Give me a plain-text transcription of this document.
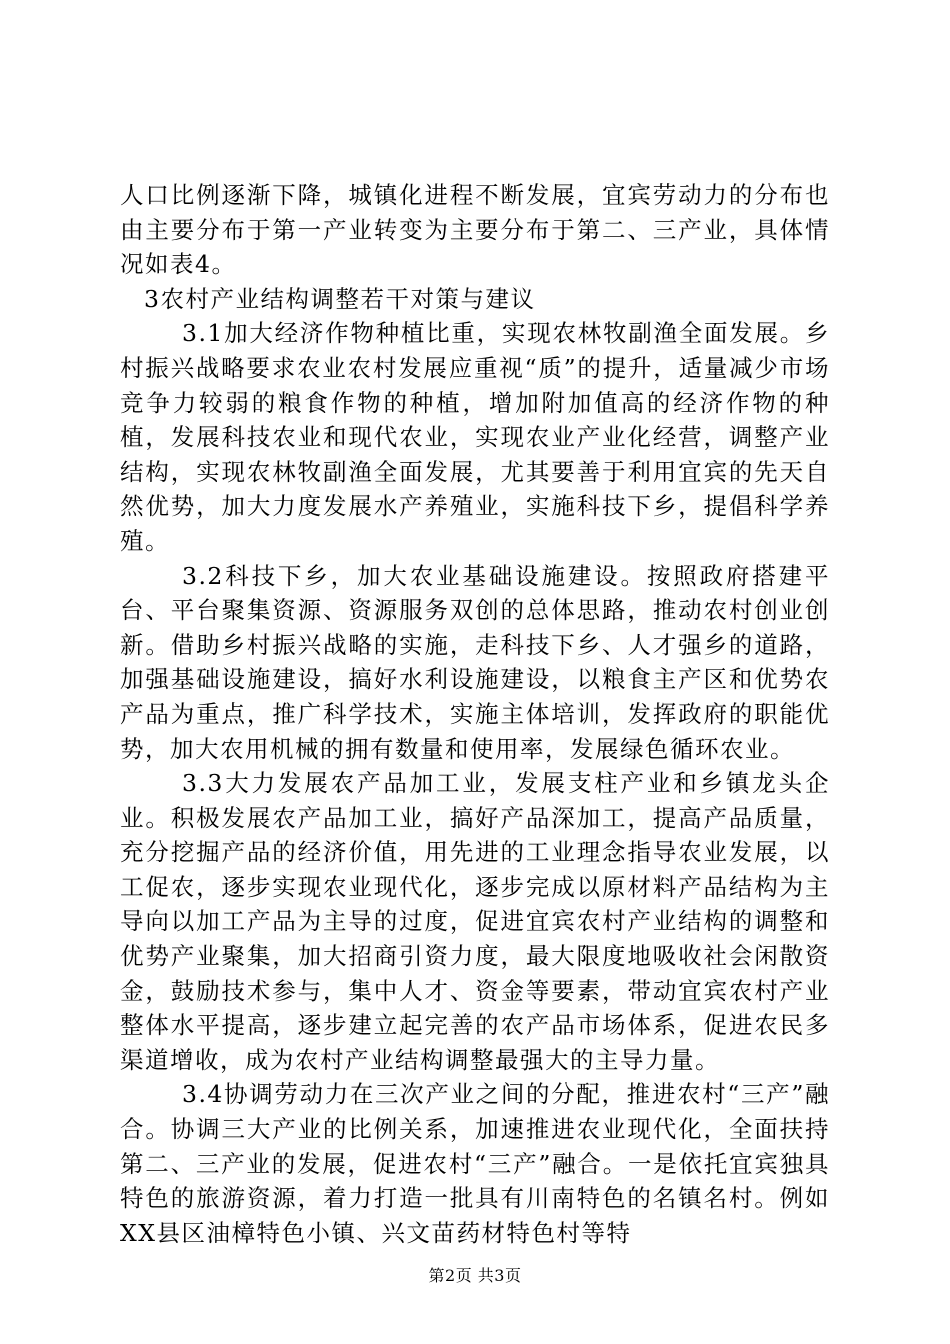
人口比例逐渐下降，城镇化进程不断发展，宜宾劳动力的分布也由主要分布于第一产业转变为主要分布于第二、三产业，具体情况如表4。

3农村产业结构调整若干对策与建议

3.1加大经济作物种植比重，实现农林牧副渔全面发展。乡村振兴战略要求农业农村发展应重视“质”的提升，适量减少市场竞争力较弱的粮食作物的种植，增加附加值高的经济作物的种植，发展科技农业和现代农业，实现农业产业化经营，调整产业结构，实现农林牧副渔全面发展，尤其要善于利用宜宾的先天自然优势，加大力度发展水产养殖业，实施科技下乡，提倡科学养殖。

3.2科技下乡，加大农业基础设施建设。按照政府搭建平台、平台聚集资源、资源服务双创的总体思路，推动农村创业创新。借助乡村振兴战略的实施，走科技下乡、人才强乡的道路，加强基础设施建设，搞好水利设施建设，以粮食主产区和优势农产品为重点，推广科学技术，实施主体培训，发挥政府的职能优势，加大农用机械的拥有数量和使用率，发展绿色循环农业。

3.3大力发展农产品加工业，发展支柱产业和乡镇龙头企业。积极发展农产品加工业，搞好产品深加工，提高产品质量，充分挖掘产品的经济价值，用先进的工业理念指导农业发展，以工促农，逐步实现农业现代化，逐步完成以原材料产品结构为主导向以加工产品为主导的过度，促进宜宾农村产业结构的调整和优势产业聚集，加大招商引资力度，最大限度地吸收社会闲散资金，鼓励技术参与，集中人才、资金等要素，带动宜宾农村产业整体水平提高，逐步建立起完善的农产品市场体系，促进农民多渠道增收，成为农村产业结构调整最强大的主导力量。

3.4协调劳动力在三次产业之间的分配，推进农村“三产”融合。协调三大产业的比例关系，加速推进农业现代化，全面扶持第二、三产业的发展，促进农村“三产”融合。一是依托宜宾独具特色的旅游资源，着力打造一批具有川南特色的名镇名村。例如XX县区油樟特色小镇、兴文苗药材特色村等特

第2页 共3页
